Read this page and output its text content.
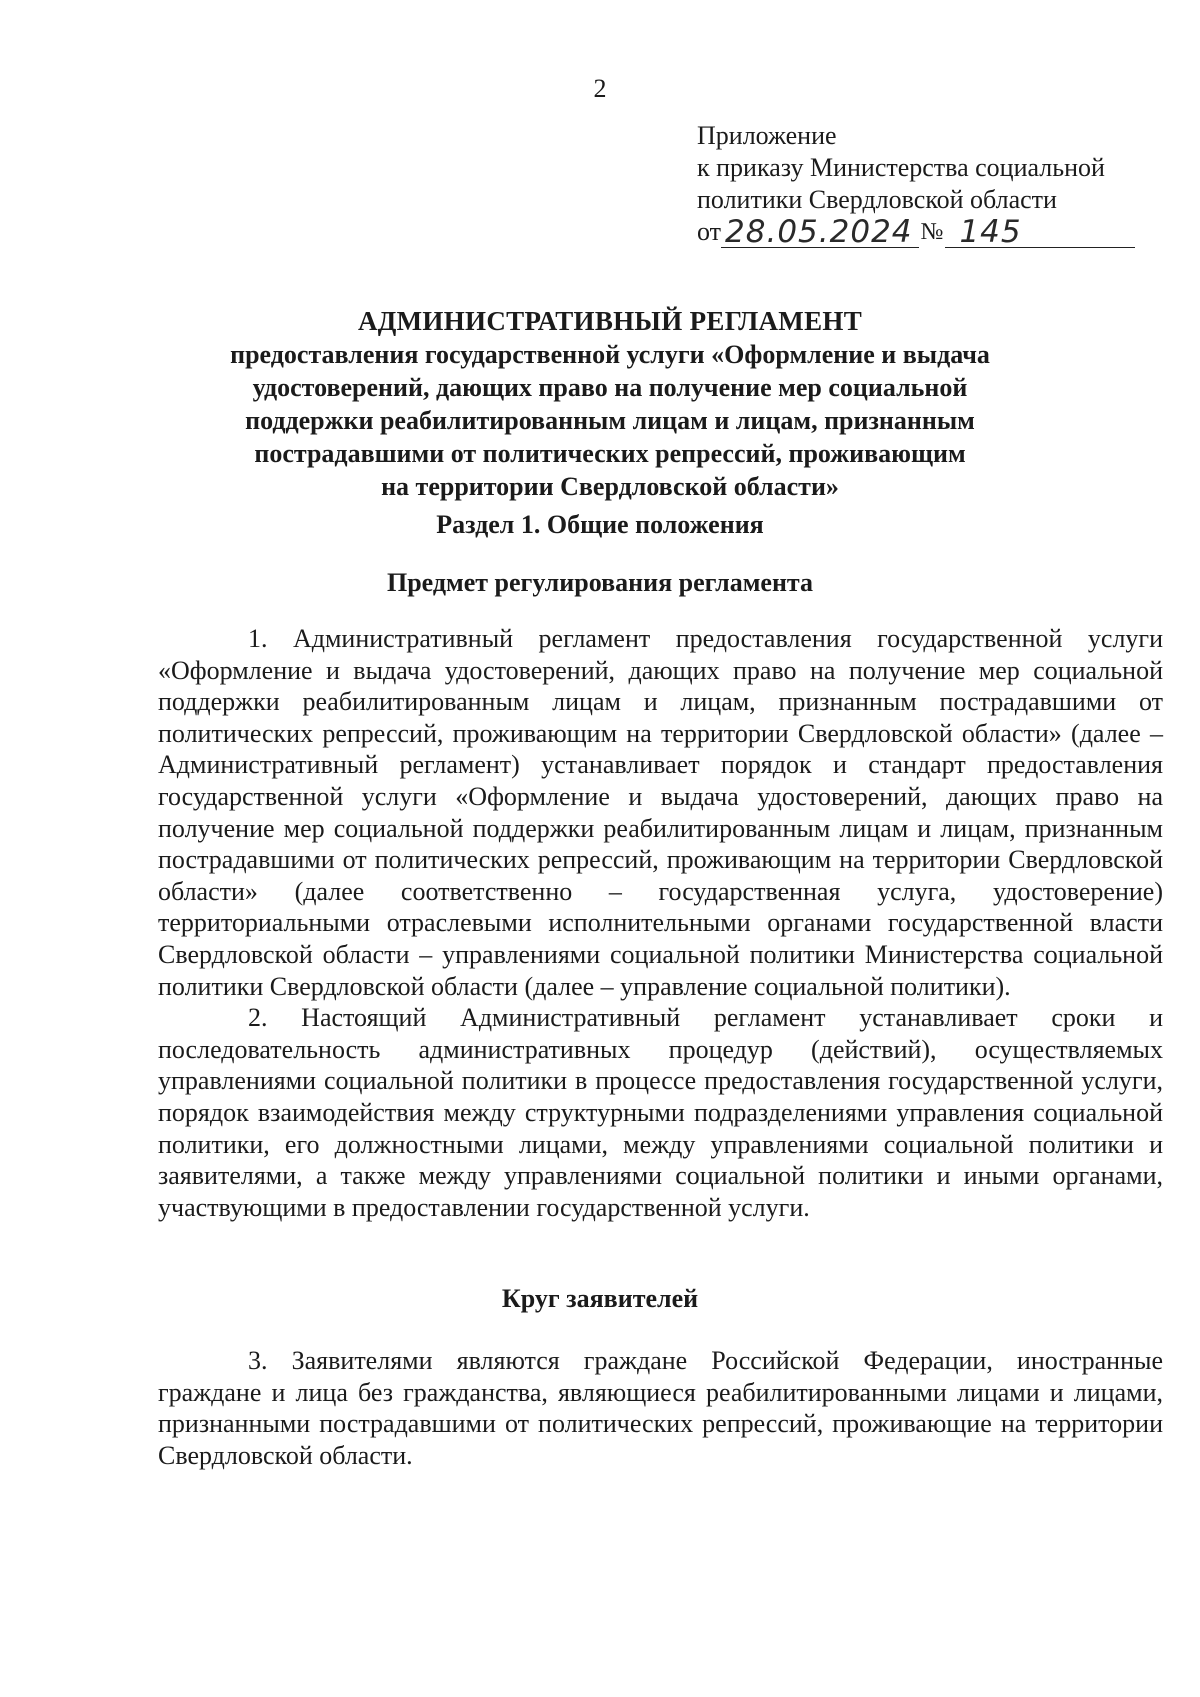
2
Приложение
к приказу Министерства социальной
политики Свердловской области
от 28.05.2024 № 145
АДМИНИСТРАТИВНЫЙ РЕГЛАМЕНТ
предоставления государственной услуги «Оформление и выдача
удостоверений, дающих право на получение мер социальной
поддержки реабилитированным лицам и лицам, признанным
пострадавшими от политических репрессий, проживающим
на территории Свердловской области»
Раздел 1. Общие положения
Предмет регулирования регламента

1. Административный регламент предоставления государственной услуги «Оформление и выдача удостоверений, дающих право на получение мер социальной поддержки реабилитированным лицам и лицам, признанным пострадавшими от политических репрессий, проживающим на территории Свердловской области» (далее – Административный регламент) устанавливает порядок и стандарт предоставления государственной услуги «Оформление и выдача удостоверений, дающих право на получение мер социальной поддержки реабилитированным лицам и лицам, признанным пострадавшими от политических репрессий, проживающим на территории Свердловской области» (далее соответственно – государственная услуга, удостоверение) территориальными отраслевыми исполнительными органами государственной власти Свердловской области – управлениями социальной политики Министерства социальной политики Свердловской области (далее – управление социальной политики).

2. Настоящий Административный регламент устанавливает сроки и последовательность административных процедур (действий), осуществляемых управлениями социальной политики в процессе предоставления государственной услуги, порядок взаимодействия между структурными подразделениями управления социальной политики, его должностными лицами, между управлениями социальной политики и заявителями, а также между управлениями социальной политики и иными органами, участвующими в предоставлении государственной услуги.

Круг заявителей

3. Заявителями являются граждане Российской Федерации, иностранные граждане и лица без гражданства, являющиеся реабилитированными лицами и лицами, признанными пострадавшими от политических репрессий, проживающие на территории Свердловской области.
